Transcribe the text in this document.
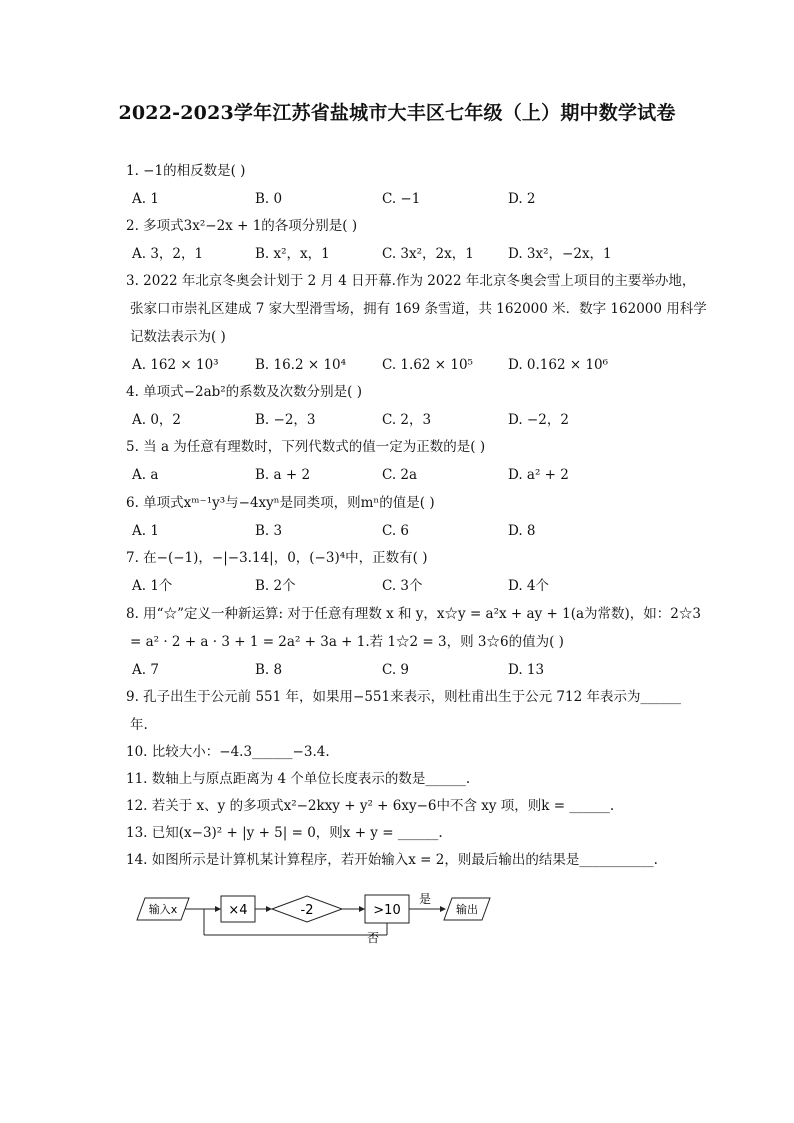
2022-2023学年江苏省盐城市大丰区七年级（上）期中数学试卷
1. −1的相反数是( )
A. 1	B. 0	C. −1	D. 2
2. 多项式3x²−2x + 1的各项分别是( )
A. 3，2，1	B. x²，x，1	C. 3x²，2x，1	D. 3x²，−2x，1
3. 2022 年北京冬奥会计划于 2 月 4 日开幕.作为 2022 年北京冬奥会雪上项目的主要举办地，
张家口市崇礼区建成 7 家大型滑雪场，拥有 169 条雪道，共 162000 米．数字 162000 用科学
记数法表示为( )
A. 162 × 10³	B. 16.2 × 10⁴	C. 1.62 × 10⁵	D. 0.162 × 10⁶
4. 单项式−2ab²的系数及次数分别是( )
A. 0，2	B. −2，3	C. 2，3	D. −2，2
5. 当 a 为任意有理数时，下列代数式的值一定为正数的是( )
A. a	B. a + 2	C. 2a	D. a² + 2
6. 单项式xᵐ⁻¹y³与−4xyⁿ是同类项，则mⁿ的值是( )
A. 1	B. 3	C. 6	D. 8
7. 在−(−1)，−|−3.14|，0，(−3)⁴中，正数有( )
A. 1个	B. 2个	C. 3个	D. 4个
8. 用“☆”定义一种新运算: 对于任意有理数 x 和 y，x☆y = a²x + ay + 1(a为常数)，如：2☆3
= a² · 2 + a · 3 + 1 = 2a² + 3a + 1.若 1☆2 = 3，则 3☆6的值为( )
A. 7	B. 8	C. 9	D. 13
9. 孔子出生于公元前 551 年，如果用−551来表示，则杜甫出生于公元 712 年表示为______
年.
10. 比较大小：−4.3______−3.4.
11. 数轴上与原点距离为 4 个单位长度表示的数是______.
12. 若关于 x、y 的多项式x²−2kxy + y² + 6xy−6中不含 xy 项，则k = ______.
13. 已知(x−3)² + |y + 5| = 0，则x + y = ______.
14. 如图所示是计算机某计算程序，若开始输入x = 2，则最后输出的结果是___________.
输入x	×4	-2	>10
是
输出
否
